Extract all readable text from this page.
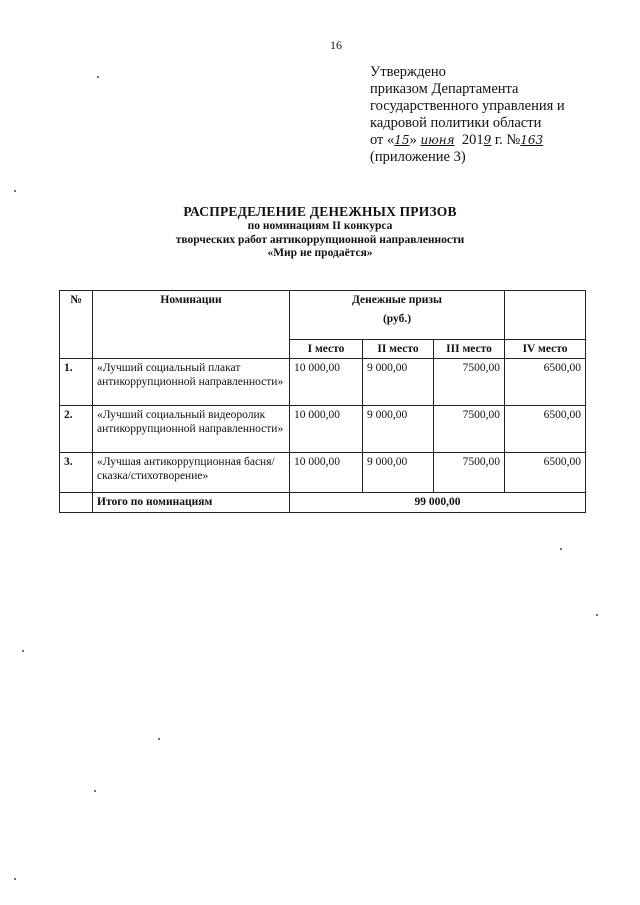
16
Утверждено
приказом Департамента
государственного управления и
кадровой политики области
от «15» июня  2019 г. №163
(приложение 3)
РАСПРЕДЕЛЕНИЕ ДЕНЕЖНЫХ ПРИЗОВ
по номинациям II конкурса
творческих работ антикоррупционной направленности
«Мир не продаётся»
№	Номинации	Денежные призы
(руб.)			

		I место	II место	III место	IV место
1.	«Лучший социальный плакат антикоррупционной направленности»	10 000,00	9 000,00	7500,00	6500,00
2.	«Лучший социальный видеоролик антикоррупционной направленности»	10 000,00	9 000,00	7500,00	6500,00
3.	«Лучшая антикоррупционная басня/сказка/стихотворение»	10 000,00	9 000,00	7500,00	6500,00
	Итого по номинациям	99 000,00			
